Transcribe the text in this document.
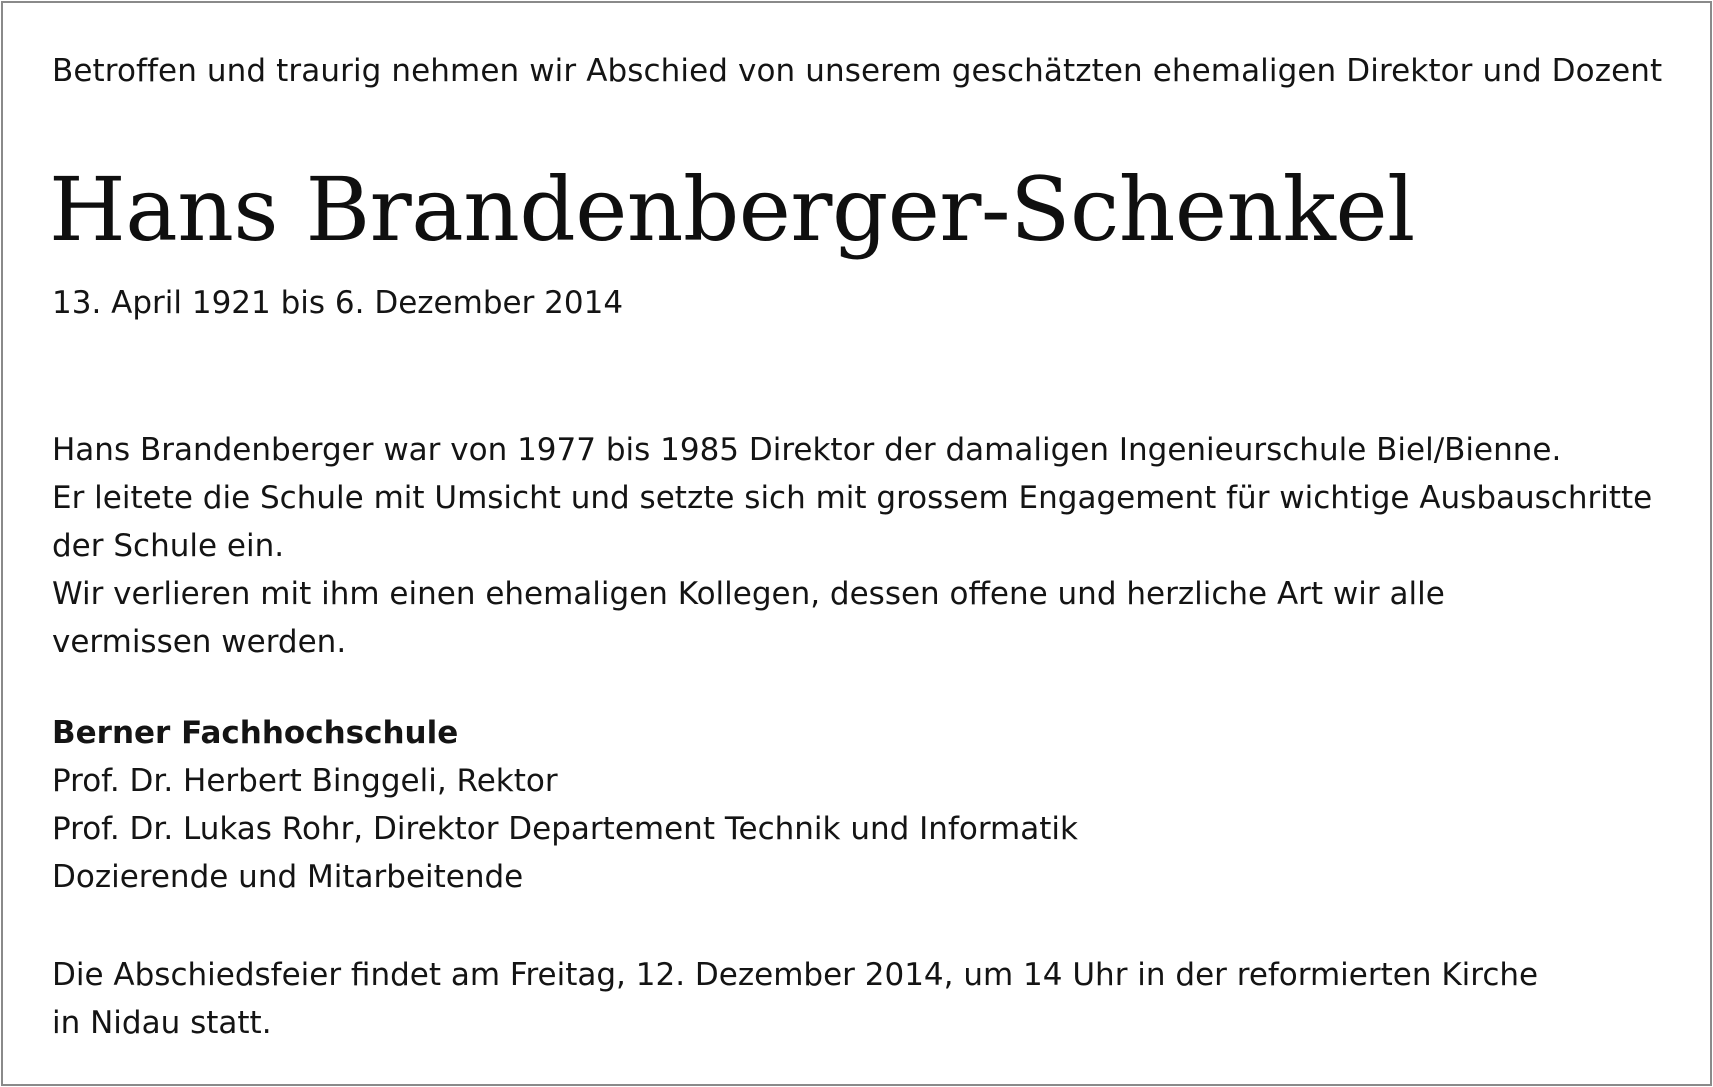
Betroffen und traurig nehmen wir Abschied von unserem geschätzten ehemaligen Direktor und Dozent
Hans Brandenberger-Schenkel
13. April 1921 bis 6. Dezember 2014
Hans Brandenberger war von 1977 bis 1985 Direktor der damaligen Ingenieurschule Biel/Bienne.
Er leitete die Schule mit Umsicht und setzte sich mit grossem Engagement für wichtige Ausbauschritte
der Schule ein.
Wir verlieren mit ihm einen ehemaligen Kollegen, dessen offene und herzliche Art wir alle
vermissen werden.
Berner Fachhochschule
Prof. Dr. Herbert Binggeli, Rektor
Prof. Dr. Lukas Rohr, Direktor Departement Technik und Informatik
Dozierende und Mitarbeitende
Die Abschiedsfeier findet am Freitag, 12. Dezember 2014, um 14 Uhr in der reformierten Kirche
in Nidau statt.
